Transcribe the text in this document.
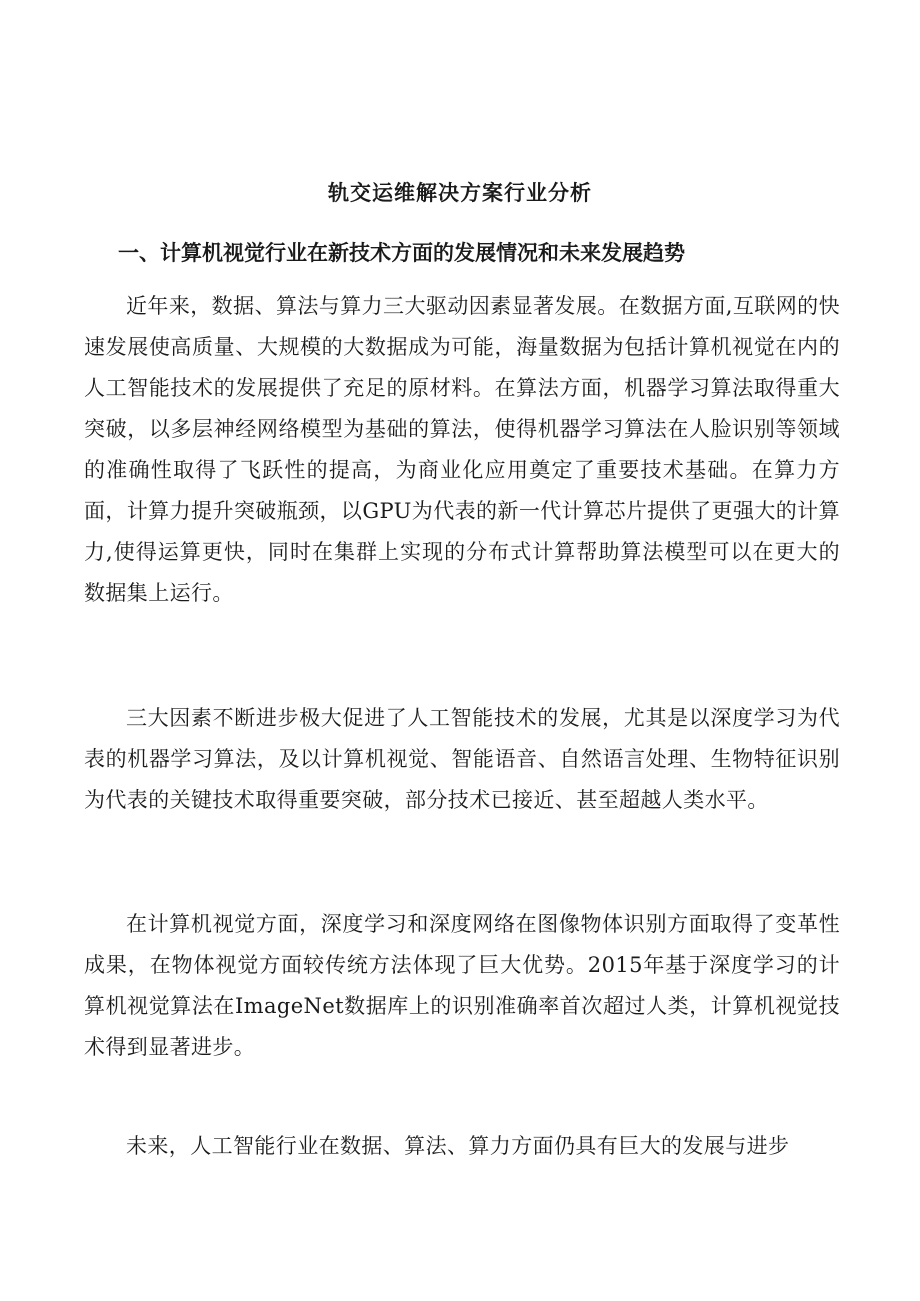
轨交运维解决方案行业分析
一、计算机视觉行业在新技术方面的发展情况和未来发展趋势

近年来，数据、算法与算力三大驱动因素显著发展。在数据方面,互联网的快速发展使高质量、大规模的大数据成为可能，海量数据为包括计算机视觉在内的人工智能技术的发展提供了充足的原材料。在算法方面，机器学习算法取得重大突破，以多层神经网络模型为基础的算法，使得机器学习算法在人脸识别等领域的准确性取得了飞跃性的提高，为商业化应用奠定了重要技术基础。在算力方面，计算力提升突破瓶颈，以GPU为代表的新一代计算芯片提供了更强大的计算力,使得运算更快，同时在集群上实现的分布式计算帮助算法模型可以在更大的数据集上运行。

三大因素不断进步极大促进了人工智能技术的发展，尤其是以深度学习为代表的机器学习算法，及以计算机视觉、智能语音、自然语言处理、生物特征识别为代表的关键技术取得重要突破，部分技术已接近、甚至超越人类水平。

在计算机视觉方面，深度学习和深度网络在图像物体识别方面取得了变革性成果，在物体视觉方面较传统方法体现了巨大优势。2015年基于深度学习的计算机视觉算法在ImageNet数据库上的识别准确率首次超过人类，计算机视觉技术得到显著进步。

未来，人工智能行业在数据、算法、算力方面仍具有巨大的发展与进步
